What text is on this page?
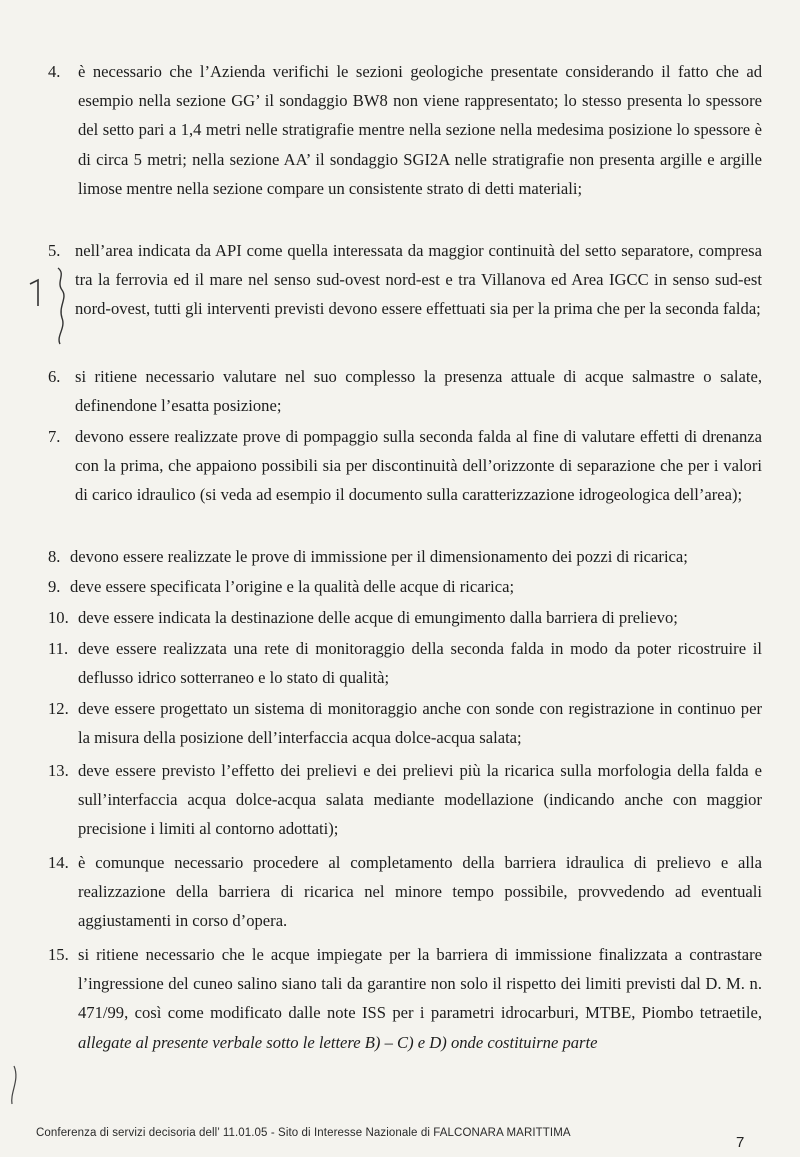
4. è necessario che l’Azienda verifichi le sezioni geologiche presentate considerando il fatto che ad esempio nella sezione GG’ il sondaggio BW8 non viene rappresentato; lo stesso presenta lo spessore del setto pari a 1,4 metri nelle stratigrafie mentre nella sezione nella medesima posizione lo spessore è di circa 5 metri; nella sezione AA’ il sondaggio SGI2A nelle stratigrafie non presenta argille e argille limose mentre nella sezione compare un consistente strato di detti materiali;
5. nell’area indicata da API come quella interessata da maggior continuità del setto separatore, compresa tra la ferrovia ed il mare nel senso sud-ovest nord-est e tra Villanova ed Area IGCC in senso sud-est nord-ovest, tutti gli interventi previsti devono essere effettuati sia per la prima che per la seconda falda;
6. si ritiene necessario valutare nel suo complesso la presenza attuale di acque salmastre o salate, definendone l’esatta posizione;
7. devono essere realizzate prove di pompaggio sulla seconda falda al fine di valutare effetti di drenanza con la prima, che appaiono possibili sia per discontinuità dell’orizzonte di separazione che per i valori di carico idraulico (si veda ad esempio il documento sulla caratterizzazione idrogeologica dell’area);
8. devono essere realizzate le prove di immissione per il dimensionamento dei pozzi di ricarica;
9. deve essere specificata l’origine e la qualità delle acque di ricarica;
10. deve essere indicata la destinazione delle acque di emungimento dalla barriera di prelievo;
11. deve essere realizzata una rete di monitoraggio della seconda falda in modo da poter ricostruire il deflusso idrico sotterraneo e lo stato di qualità;
12. deve essere progettato un sistema di monitoraggio anche con sonde con registrazione in continuo per la misura della posizione dell’interfaccia acqua dolce-acqua salata;
13. deve essere previsto l’effetto dei prelievi e dei prelievi più la ricarica sulla morfologia della falda e sull’interfaccia acqua dolce-acqua salata mediante modellazione (indicando anche con maggior precisione i limiti al contorno adottati);
14. è comunque necessario procedere al completamento della barriera idraulica di prelievo e alla realizzazione della barriera di ricarica nel minore tempo possibile, provvedendo ad eventuali aggiustamenti in corso d’opera.
15. si ritiene necessario che le acque impiegate per la barriera di immissione finalizzata a contrastare l’ingressione del cuneo salino siano tali da garantire non solo il rispetto dei limiti previsti dal D. M. n. 471/99, così come modificato dalle note ISS per i parametri idrocarburi, MTBE, Piombo tetraetile, allegate al presente verbale sotto le lettere B) – C) e D) onde costituirne parte
Conferenza di servizi decisoria dell’ 11.01.05 - Sito di Interesse Nazionale di FALCONARA MARITTIMA
7
